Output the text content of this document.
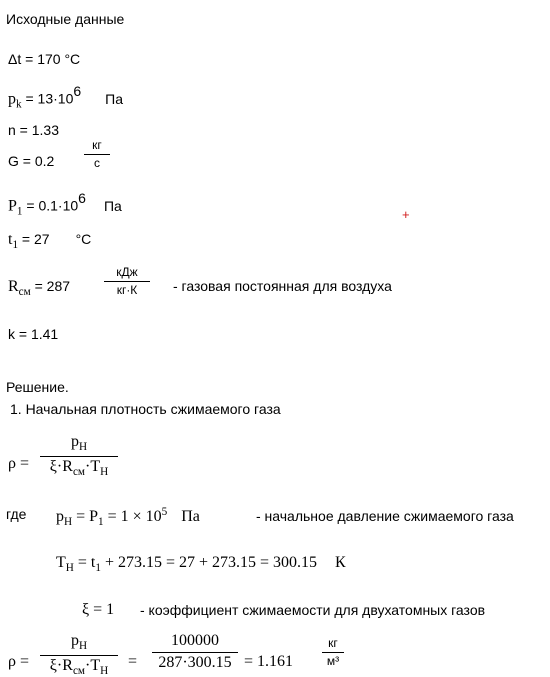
Исходные данные
Δt = 170 °C
$p_k = 13\cdot 10^6$ Па
n = 1.33
G = 0.2
кг
с
$P_1 = 0.1\cdot 10^6$ Па
+
$t_1 = 27$ °C
$R_{см} = 287$
кДж
кг·К	- газовая постоянная для воздуха
k = 1.41
Решение.
1. Начальная плотность сжимаемого газа
ρ =
$p_Н$
$\xi\cdot R_{см}\cdot T_Н$
где $p_Н = P_1 = 1 \times 10^5$ Па	- начальное давление сжимаемого газа
$T_Н = t_1 + 273.15 = 27 + 273.15 = 300.15$ К
ξ = 1 - коэффициент сжимаемости для двухатомных газов
ρ =
$p_Н$
$\xi\cdot R_{см}\cdot T_Н$
=
100000
287·300.15 = 1.161
кг
м³
